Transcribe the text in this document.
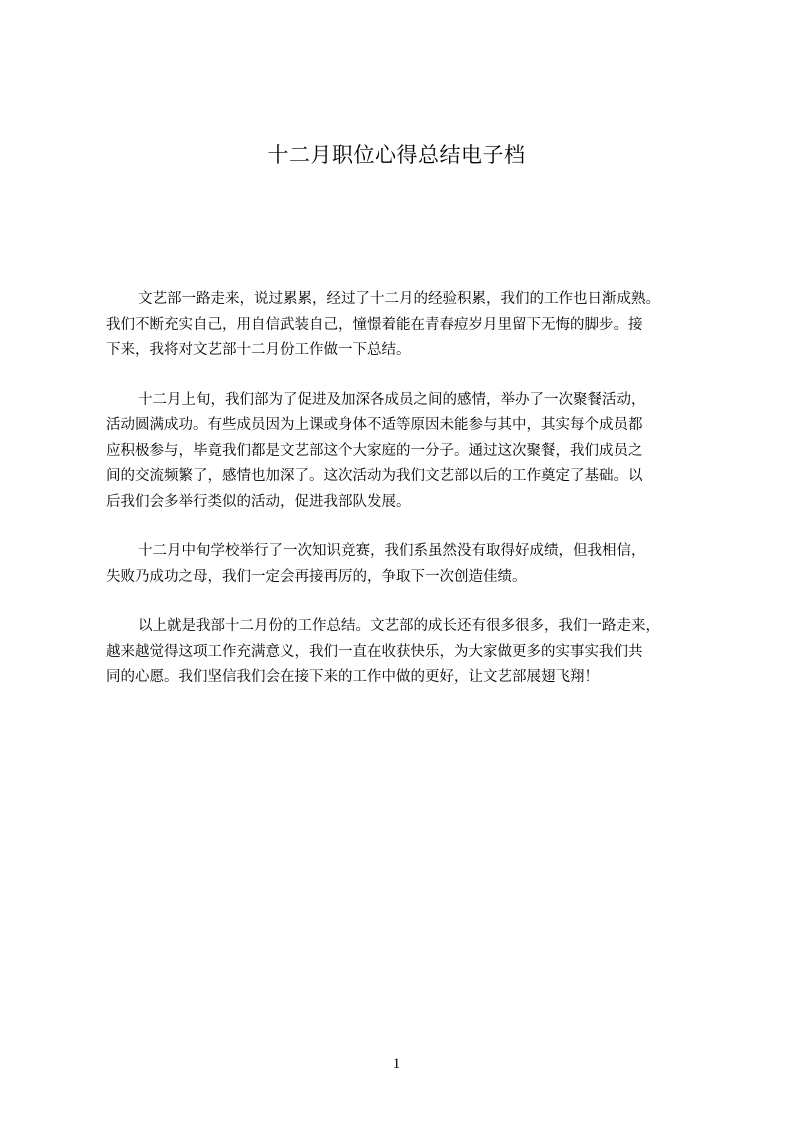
十二月职位心得总结电子档

文艺部一路走来，说过累累，经过了十二月的经验积累，我们的工作也日渐成熟。
我们不断充实自己，用自信武装自己，憧憬着能在青春痘岁月里留下无悔的脚步。接
下来，我将对文艺部十二月份工作做一下总结。

十二月上旬，我们部为了促进及加深各成员之间的感情，举办了一次聚餐活动，
活动圆满成功。有些成员因为上课或身体不适等原因未能参与其中，其实每个成员都
应积极参与，毕竟我们都是文艺部这个大家庭的一分子。通过这次聚餐，我们成员之
间的交流频繁了，感情也加深了。这次活动为我们文艺部以后的工作奠定了基础。以
后我们会多举行类似的活动，促进我部队发展。

十二月中旬学校举行了一次知识竞赛，我们系虽然没有取得好成绩，但我相信，
失败乃成功之母，我们一定会再接再厉的，争取下一次创造佳绩。

以上就是我部十二月份的工作总结。文艺部的成长还有很多很多，我们一路走来，
越来越觉得这项工作充满意义，我们一直在收获快乐，为大家做更多的实事实我们共
同的心愿。我们坚信我们会在接下来的工作中做的更好，让文艺部展翅飞翔！

1
